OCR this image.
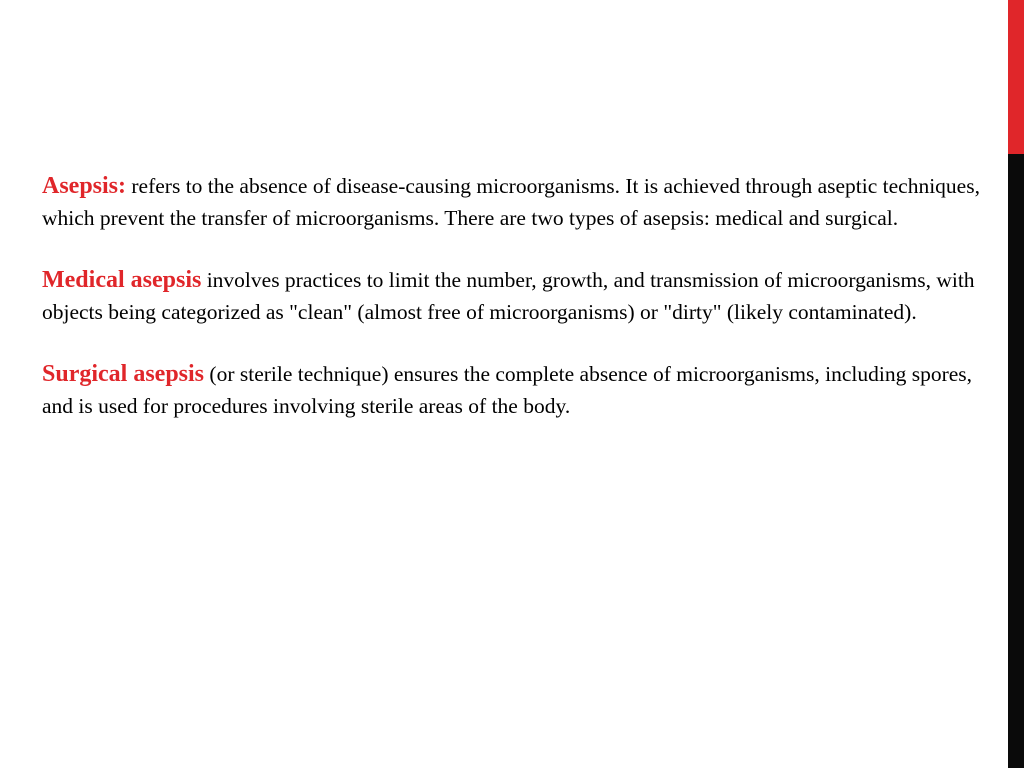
Asepsis: refers to the absence of disease-causing microorganisms. It is achieved through aseptic techniques, which prevent the transfer of microorganisms. There are two types of asepsis: medical and surgical.

Medical asepsis involves practices to limit the number, growth, and transmission of microorganisms, with objects being categorized as "clean" (almost free of microorganisms) or "dirty" (likely contaminated).

Surgical asepsis (or sterile technique) ensures the complete absence of microorganisms, including spores, and is used for procedures involving sterile areas of the body.
